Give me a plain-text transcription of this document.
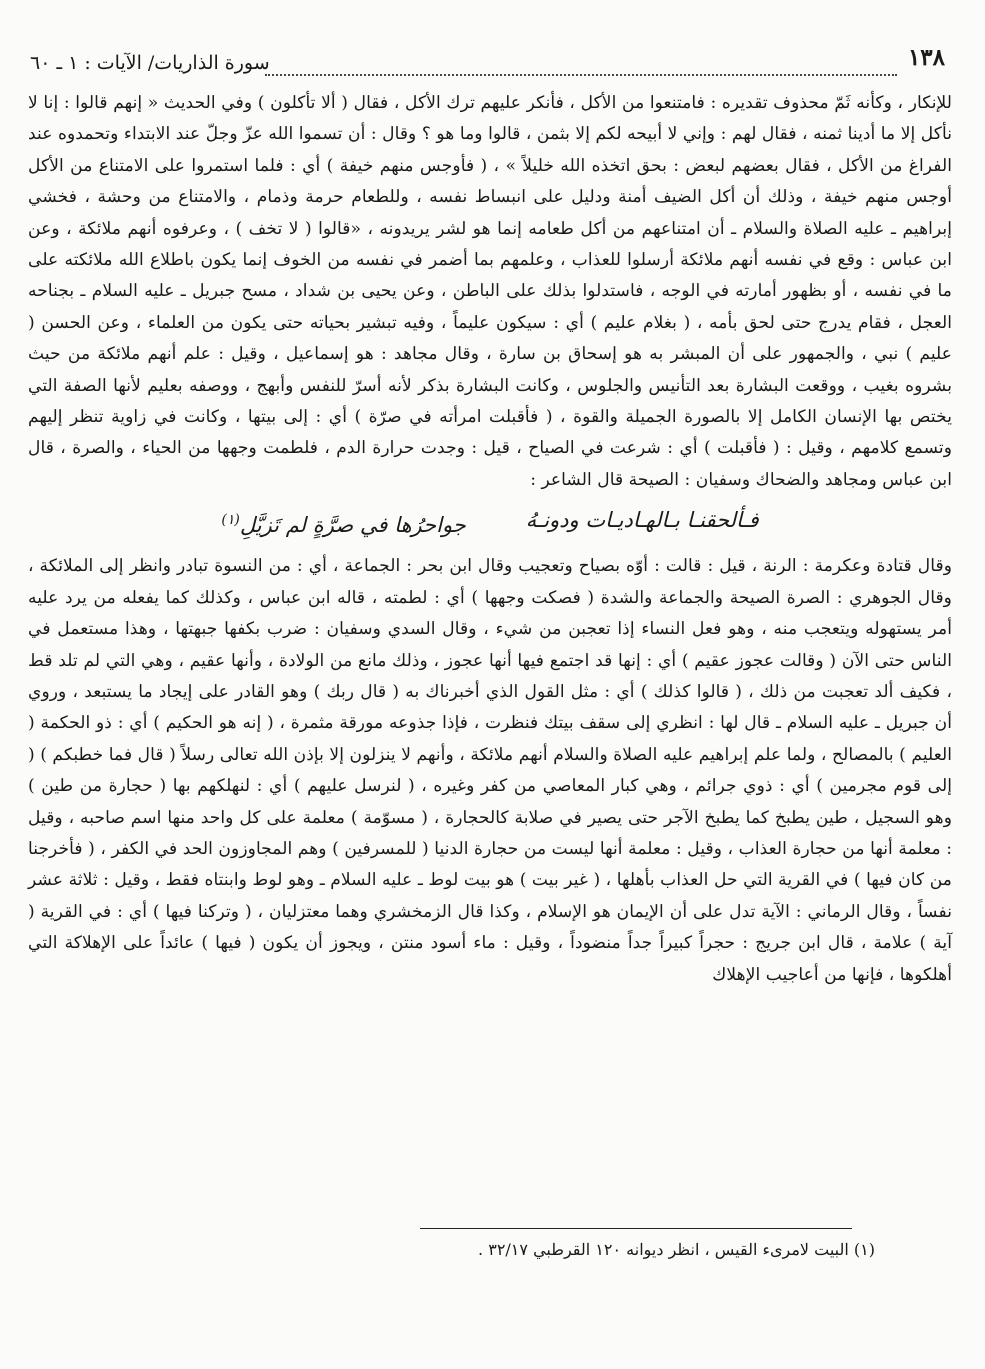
١٣٨
سورة الذاريات/ الآيات : ١ ـ ٦٠

للإنكار ، وكأنه ثَمّ محذوف تقديره : فامتنعوا من الأكل ، فأنكر عليهم ترك الأكل ، فقال ( ألا تأكلون ) وفي الحديث « إنهم قالوا : إنا لا نأكل إلا ما أدينا ثمنه ، فقال لهم : وإني لا أبيحه لكم إلا بثمن ، قالوا وما هو ؟ وقال : أن تسموا الله عزّ وجلّ عند الابتداء وتحمدوه عند الفراغ من الأكل ، فقال بعضهم لبعض : بحق اتخذه الله خليلاً » ، ( فأوجس منهم خيفة ) أي : فلما استمروا على الامتناع من الأكل أوجس منهم خيفة ، وذلك أن أكل الضيف أمنة ودليل على انبساط نفسه ، وللطعام حرمة وذمام ، والامتناع من وحشة ، فخشي إبراهيم ـ عليه الصلاة والسلام ـ أن امتناعهم من أكل طعامه إنما هو لشر يريدونه ، «قالوا ( لا تخف ) ، وعرفوه أنهم ملائكة ، وعن ابن عباس : وقع في نفسه أنهم ملائكة أرسلوا للعذاب ، وعلمهم بما أضمر في نفسه من الخوف إنما يكون باطلاع الله ملائكته على ما في نفسه ، أو بظهور أمارته في الوجه ، فاستدلوا بذلك على الباطن ، وعن يحيى بن شداد ، مسح جبريل ـ عليه السلام ـ بجناحه العجل ، فقام يدرج حتى لحق بأمه ، ( بغلام عليم ) أي : سيكون عليماً ، وفيه تبشير بحياته حتى يكون من العلماء ، وعن الحسن ( عليم ) نبي ، والجمهور على أن المبشر به هو إسحاق بن سارة ، وقال مجاهد : هو إسماعيل ، وقيل : علم أنهم ملائكة من حيث بشروه بغيب ، ووقعت البشارة بعد التأنيس والجلوس ، وكانت البشارة بذكر لأنه أسرّ للنفس وأبهج ، ووصفه بعليم لأنها الصفة التي يختص بها الإنسان الكامل إلا بالصورة الجميلة والقوة ، ( فأقبلت امرأته في صرّة ) أي : إلى بيتها ، وكانت في زاوية تنظر إليهم وتسمع كلامهم ، وقيل : ( فأقبلت ) أي : شرعت في الصياح ، قيل : وجدت حرارة الدم ، فلطمت وجهها من الحياء ، والصرة ، قال ابن عباس ومجاهد والضحاك وسفيان : الصيحة قال الشاعر :

فـألحقنـا بـالهـاديـات ودونـهُ
جواحرُها في صرَّةٍ لم تَزيَّلِ$^{(١)}$

وقال قتادة وعكرمة : الرنة ، قيل : قالت : أوّه بصياح وتعجيب وقال ابن بحر : الجماعة ، أي : من النسوة تبادر وانظر إلى الملائكة ، وقال الجوهري : الصرة الصيحة والجماعة والشدة ( فصكت وجهها ) أي : لطمته ، قاله ابن عباس ، وكذلك كما يفعله من يرد عليه أمر يستهوله ويتعجب منه ، وهو فعل النساء إذا تعجبن من شيء ، وقال السدي وسفيان : ضرب بكفها جبهتها ، وهذا مستعمل في الناس حتى الآن ( وقالت عجوز عقيم ) أي : إنها قد اجتمع فيها أنها عجوز ، وذلك مانع من الولادة ، وأنها عقيم ، وهي التي لم تلد قط ، فكيف ألد تعجبت من ذلك ، ( قالوا كذلك ) أي : مثل القول الذي أخبرناك به ( قال ربك ) وهو القادر على إيجاد ما يستبعد ، وروي أن جبريل ـ عليه السلام ـ قال لها : انظري إلى سقف بيتك فنظرت ، فإذا جذوعه مورقة مثمرة ، ( إنه هو الحكيم ) أي : ذو الحكمة ( العليم ) بالمصالح ، ولما علم إبراهيم عليه الصلاة والسلام أنهم ملائكة ، وأنهم لا ينزلون إلا بإذن الله تعالى رسلاً ( قال فما خطبكم ) ( إلى قوم مجرمين ) أي : ذوي جرائم ، وهي كبار المعاصي من كفر وغيره ، ( لنرسل عليهم ) أي : لنهلكهم بها ( حجارة من طين ) وهو السجيل ، طين يطبخ كما يطبخ الآجر حتى يصير في صلابة كالحجارة ، ( مسوّمة ) معلمة على كل واحد منها اسم صاحبه ، وقيل : معلمة أنها من حجارة العذاب ، وقيل : معلمة أنها ليست من حجارة الدنيا ( للمسرفين ) وهم المجاوزون الحد في الكفر ، ( فأخرجنا من كان فيها ) في القرية التي حل العذاب بأهلها ، ( غير بيت ) هو بيت لوط ـ عليه السلام ـ وهو لوط وابنتاه فقط ، وقيل : ثلاثة عشر نفساً ، وقال الرماني : الآية تدل على أن الإيمان هو الإسلام ، وكذا قال الزمخشري وهما معتزليان ، ( وتركنا فيها ) أي : في القرية ( آية ) علامة ، قال ابن جريج : حجراً كبيراً جداً منضوداً ، وقيل : ماء أسود منتن ، ويجوز أن يكون ( فيها ) عائداً على الإهلاكة التي أهلكوها ، فإنها من أعاجيب الإهلاك

(١) البيت لامرىء القيس ، انظر ديوانه ١٢٠ القرطبي ٣٢/١٧ .
